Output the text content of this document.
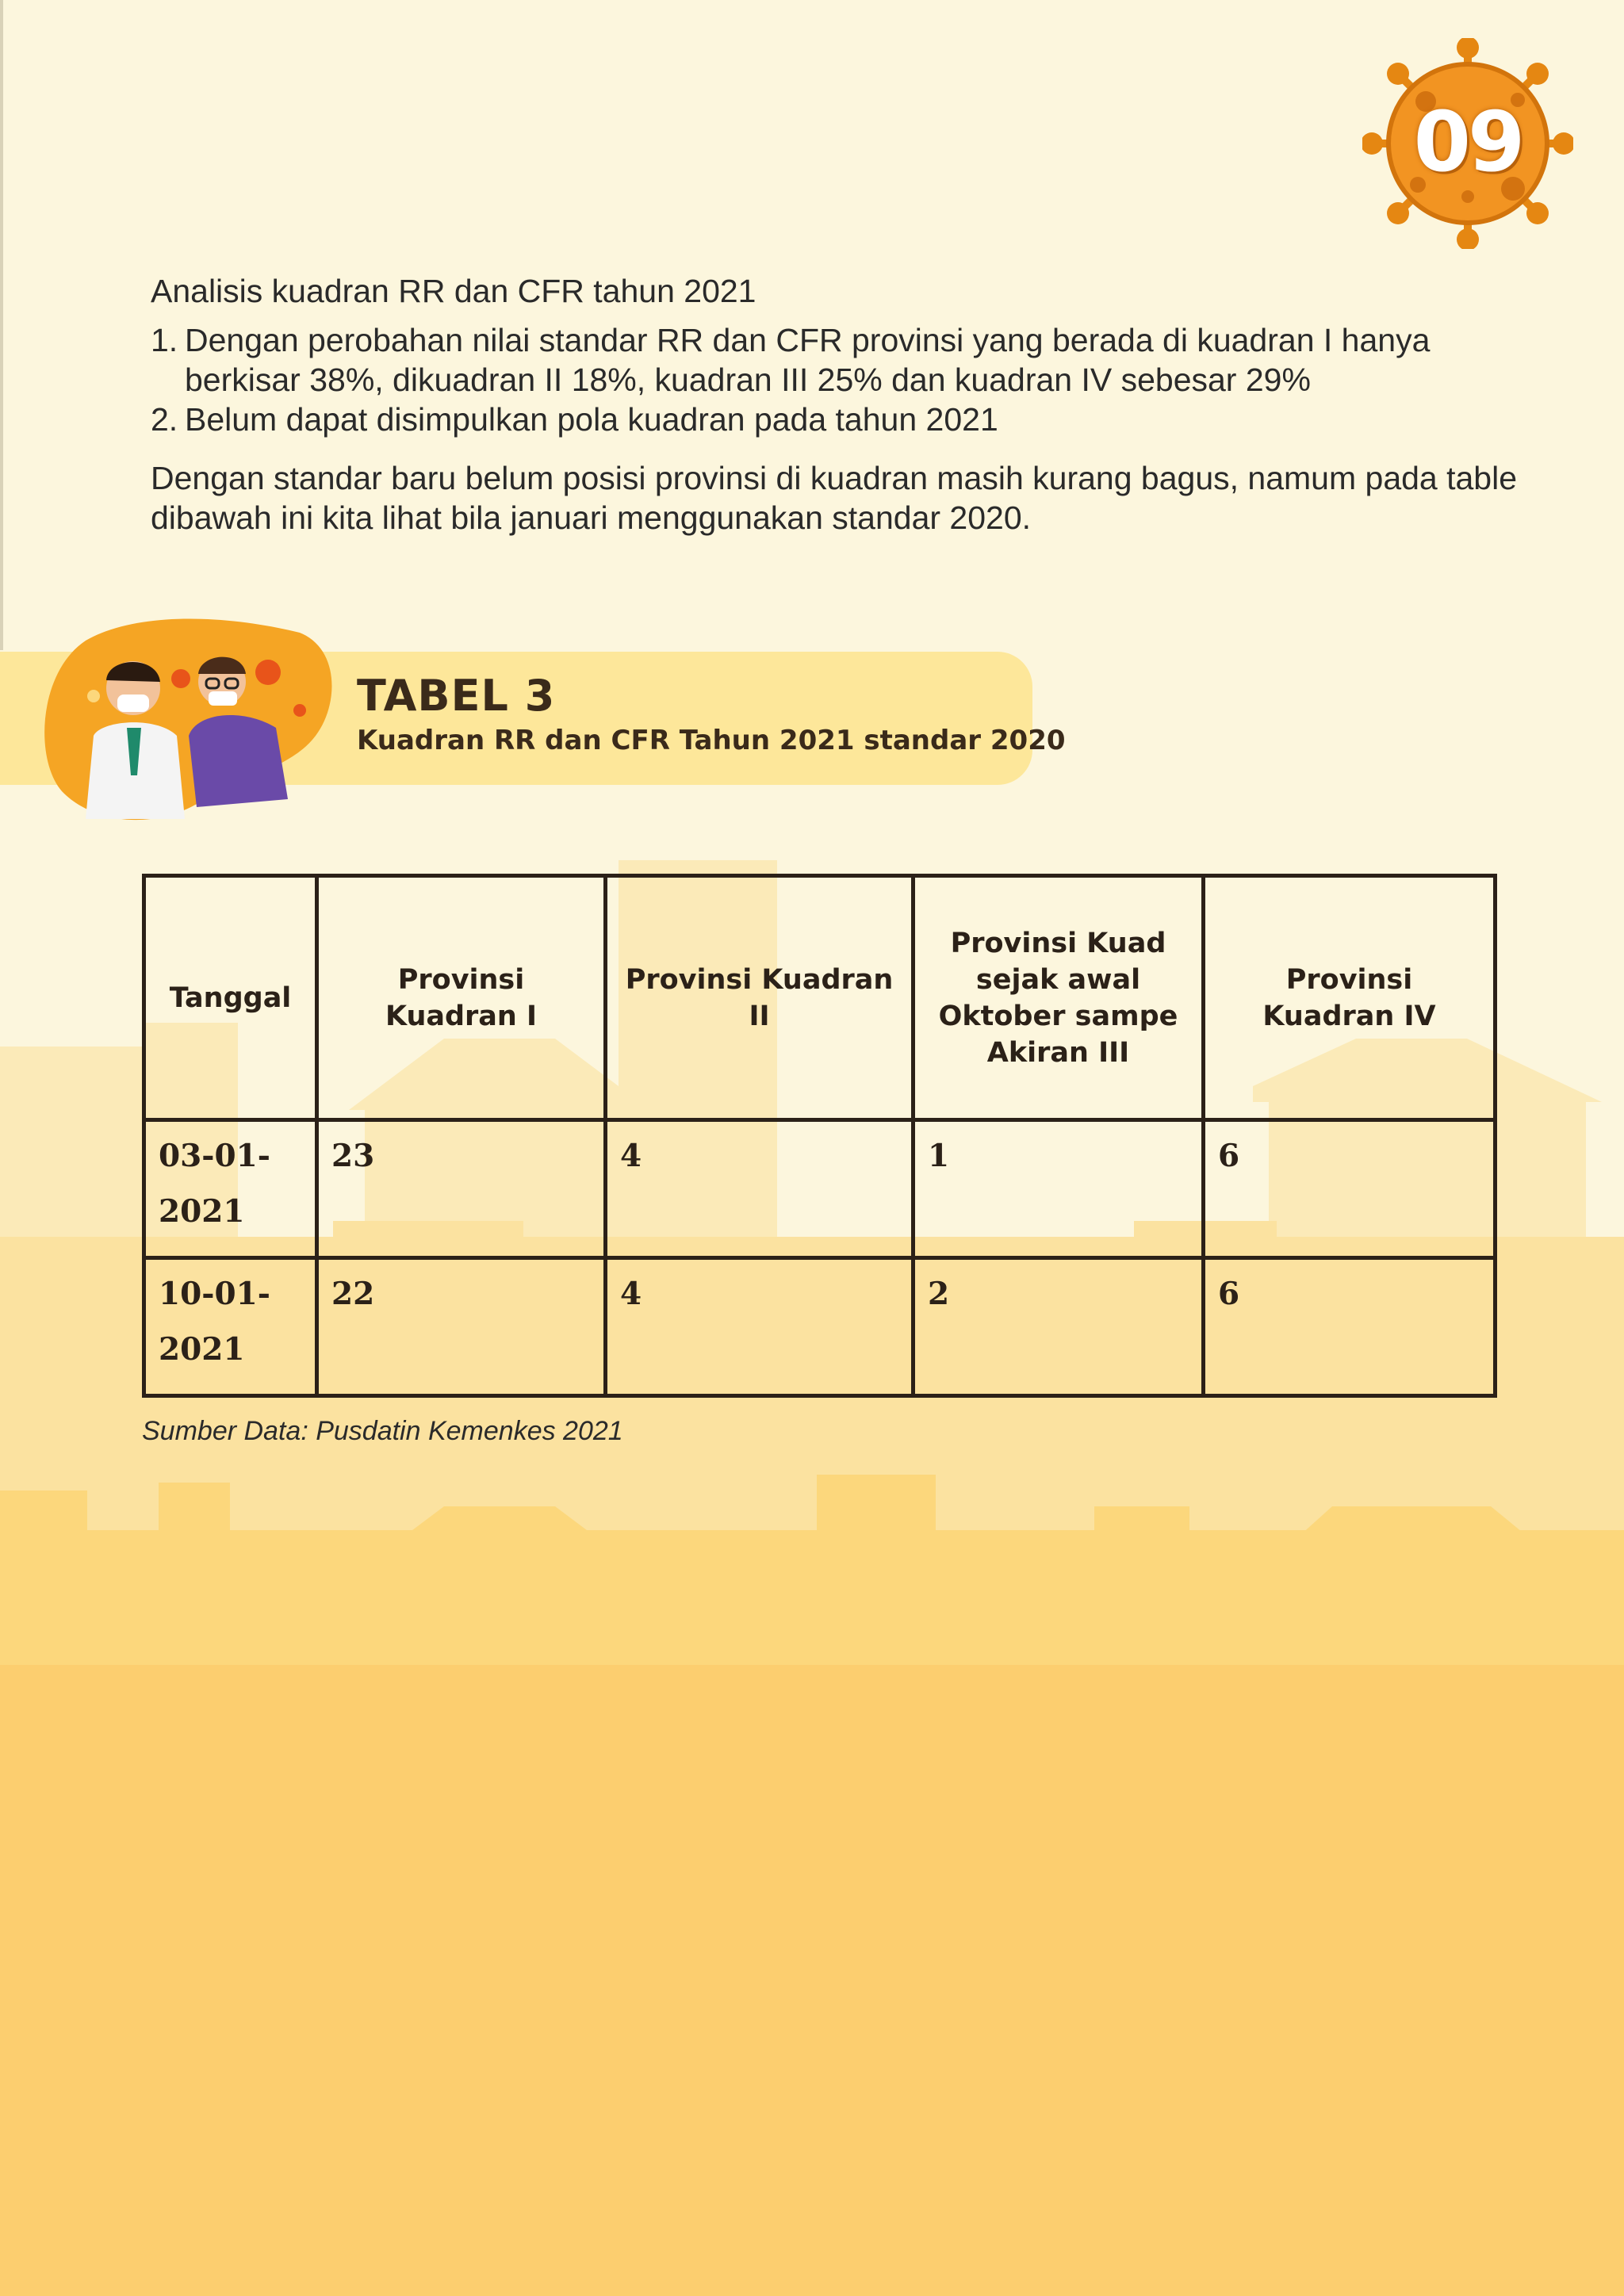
09

Analisis kuadran RR dan CFR tahun 2021

1. Dengan perobahan nilai standar RR dan CFR provinsi yang berada di kuadran I hanya berkisar 38%, dikuadran II 18%, kuadran III 25% dan kuadran IV sebesar 29%
2. Belum dapat disimpulkan pola kuadran pada tahun 2021

Dengan standar baru belum posisi provinsi di kuadran masih kurang bagus, namum pada table dibawah ini kita lihat bila januari menggunakan standar 2020.

TABEL 3
Kuadran RR dan CFR Tahun 2021 standar 2020
Tanggal	Provinsi Kuadran I	Provinsi Kuadran II	Provinsi Kuad sejak awal Oktober sampe Akiran III	Provinsi Kuadran IV
03-01-2021	23	4	1	6
10-01-2021	22	4	2	6
Sumber Data: Pusdatin Kemenkes 2021
